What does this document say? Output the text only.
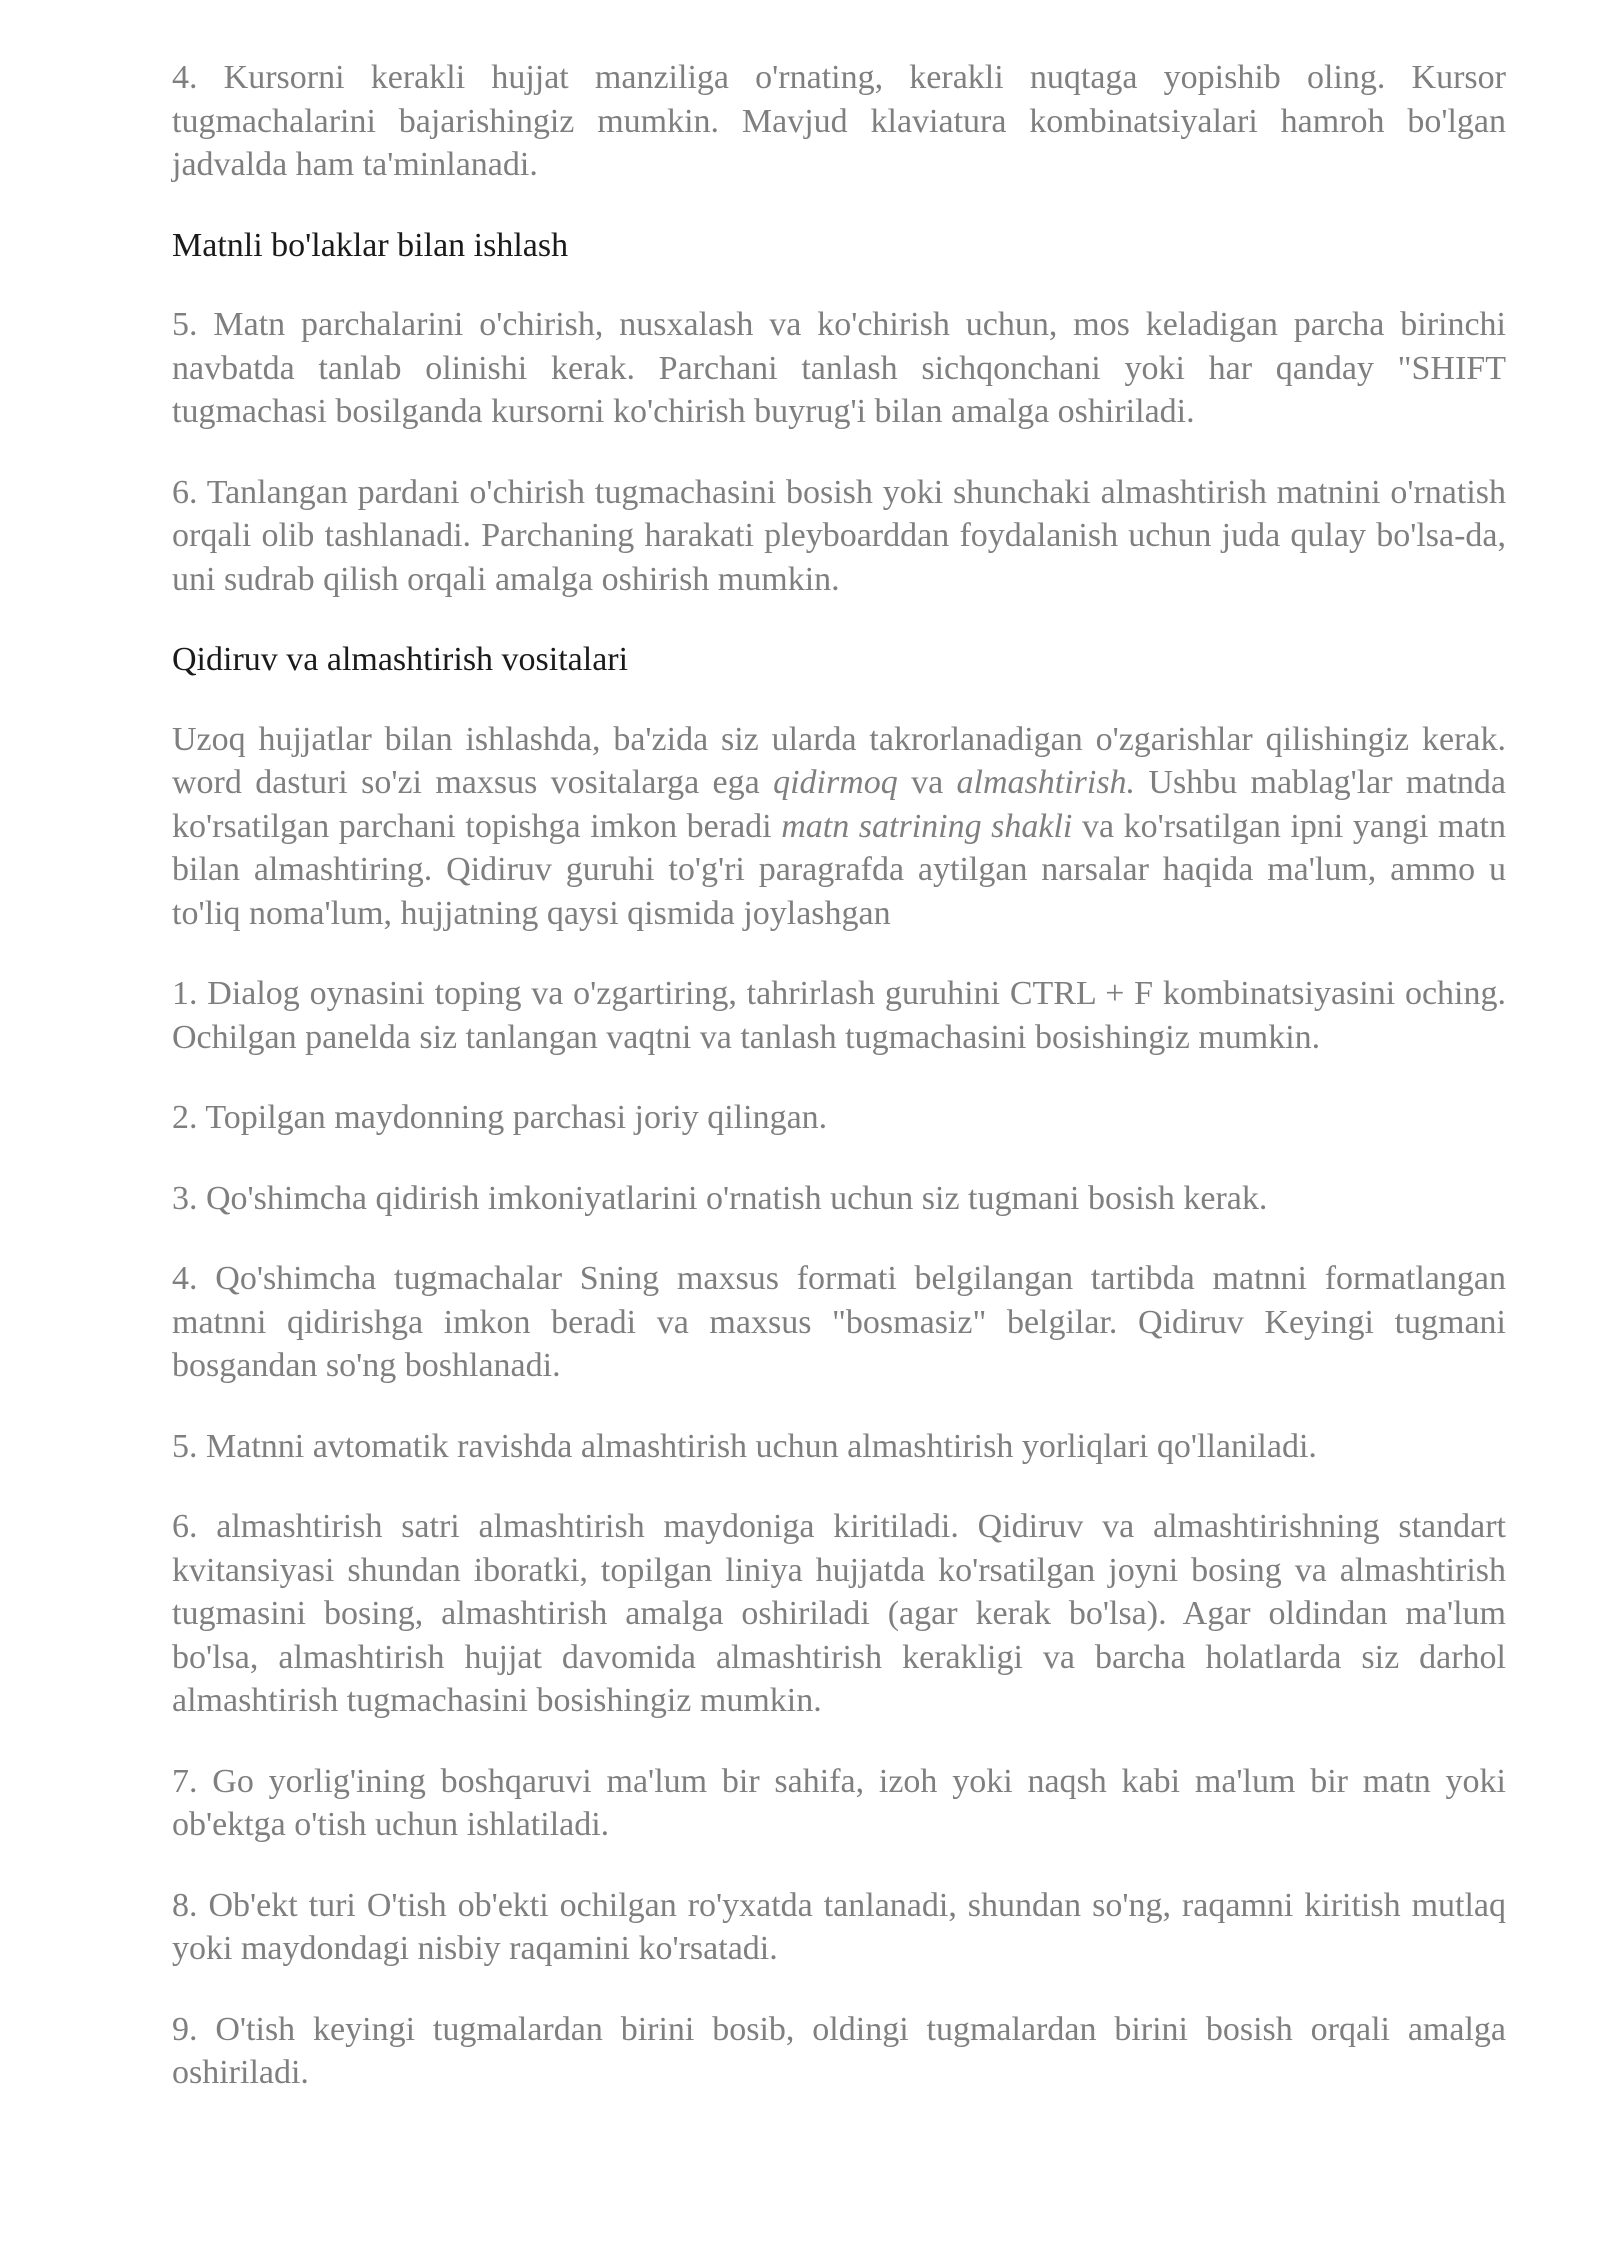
4. Kursorni kerakli hujjat manziliga o'rnating, kerakli nuqtaga yopishib oling. Kursor tugmachalarini bajarishingiz mumkin. Mavjud klaviatura kombinatsiyalari hamroh bo'lgan jadvalda ham ta'minlanadi.

Matnli bo'laklar bilan ishlash

5. Matn parchalarini o'chirish, nusxalash va ko'chirish uchun, mos keladigan parcha birinchi navbatda tanlab olinishi kerak. Parchani tanlash sichqonchani yoki har qanday "SHIFT tugmachasi bosilganda kursorni ko'chirish buyrug'i bilan amalga oshiriladi.

6. Tanlangan pardani o'chirish tugmachasini bosish yoki shunchaki almashtirish matnini o'rnatish orqali olib tashlanadi. Parchaning harakati pleyboarddan foydalanish uchun juda qulay bo'lsa-da, uni sudrab qilish orqali amalga oshirish mumkin.

Qidiruv va almashtirish vositalari

Uzoq hujjatlar bilan ishlashda, ba'zida siz ularda takrorlanadigan o'zgarishlar qilishingiz kerak. word dasturi so'zi maxsus vositalarga ega qidirmoq va almashtirish. Ushbu mablag'lar matnda ko'rsatilgan parchani topishga imkon beradi matn satrining shakli va ko'rsatilgan ipni yangi matn bilan almashtiring. Qidiruv guruhi to'g'ri paragrafda aytilgan narsalar haqida ma'lum, ammo u to'liq noma'lum, hujjatning qaysi qismida joylashgan

1. Dialog oynasini toping va o'zgartiring, tahrirlash guruhini CTRL + F kombinatsiyasini oching. Ochilgan panelda siz tanlangan vaqtni va tanlash tugmachasini bosishingiz mumkin.

2. Topilgan maydonning parchasi joriy qilingan.

3. Qo'shimcha qidirish imkoniyatlarini o'rnatish uchun siz tugmani bosish kerak.

4. Qo'shimcha tugmachalar Sning maxsus formati belgilangan tartibda matnni formatlangan matnni qidirishga imkon beradi va maxsus "bosmasiz" belgilar. Qidiruv Keyingi tugmani bosgandan so'ng boshlanadi.

5. Matnni avtomatik ravishda almashtirish uchun almashtirish yorliqlari qo'llaniladi.

6. almashtirish satri almashtirish maydoniga kiritiladi. Qidiruv va almashtirishning standart kvitansiyasi shundan iboratki, topilgan liniya hujjatda ko'rsatilgan joyni bosing va almashtirish tugmasini bosing, almashtirish amalga oshiriladi (agar kerak bo'lsa). Agar oldindan ma'lum bo'lsa, almashtirish hujjat davomida almashtirish kerakligi va barcha holatlarda siz darhol almashtirish tugmachasini bosishingiz mumkin.

7. Go yorlig'ining boshqaruvi ma'lum bir sahifa, izoh yoki naqsh kabi ma'lum bir matn yoki ob'ektga o'tish uchun ishlatiladi.

8. Ob'ekt turi O'tish ob'ekti ochilgan ro'yxatda tanlanadi, shundan so'ng, raqamni kiritish mutlaq yoki maydondagi nisbiy raqamini ko'rsatadi.

9. O'tish keyingi tugmalardan birini bosib, oldingi tugmalardan birini bosish orqali amalga oshiriladi.
